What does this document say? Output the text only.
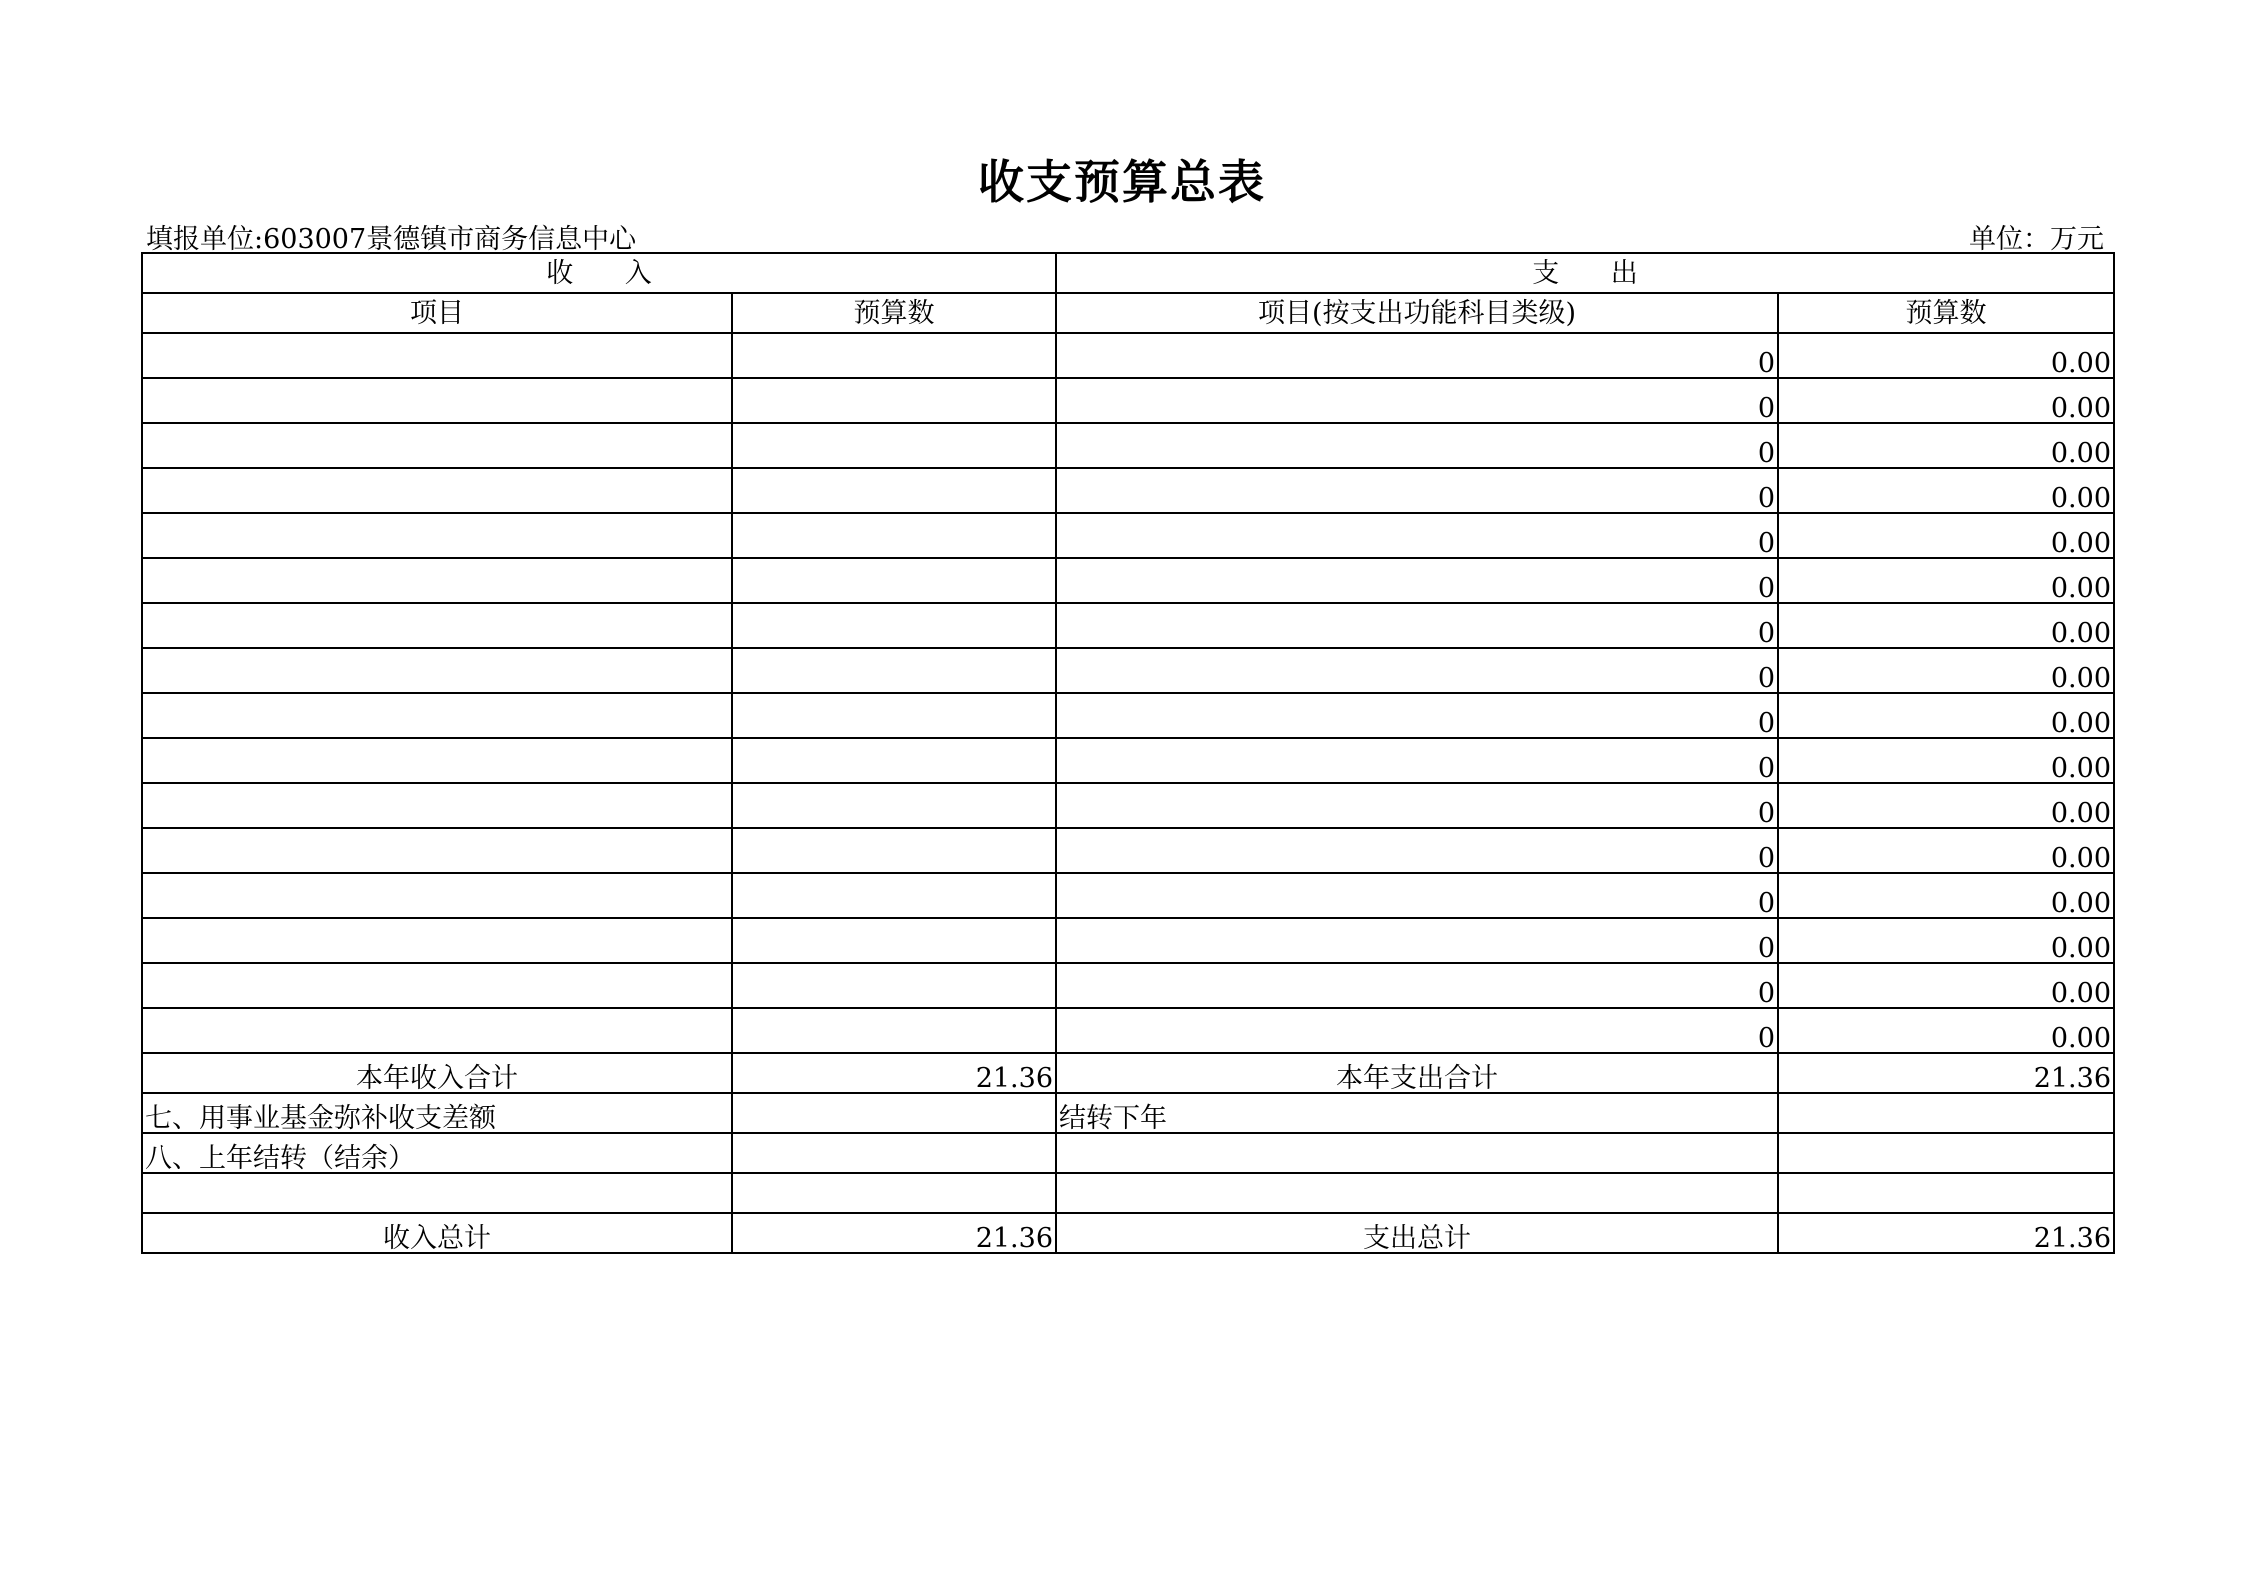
收支预算总表
填报单位:603007景德镇市商务信息中心	单位：万元
收      入		支      出	
项目	预算数	项目(按支出功能科目类级)	预算数
		0	0.00
		0	0.00
		0	0.00
		0	0.00
		0	0.00
		0	0.00
		0	0.00
		0	0.00
		0	0.00
		0	0.00
		0	0.00
		0	0.00
		0	0.00
		0	0.00
		0	0.00
		0	0.00
本年收入合计	21.36	本年支出合计	21.36
七、用事业基金弥补收支差额		结转下年	
八、上年结转（结余）			

收入总计	21.36	支出总计	21.36
